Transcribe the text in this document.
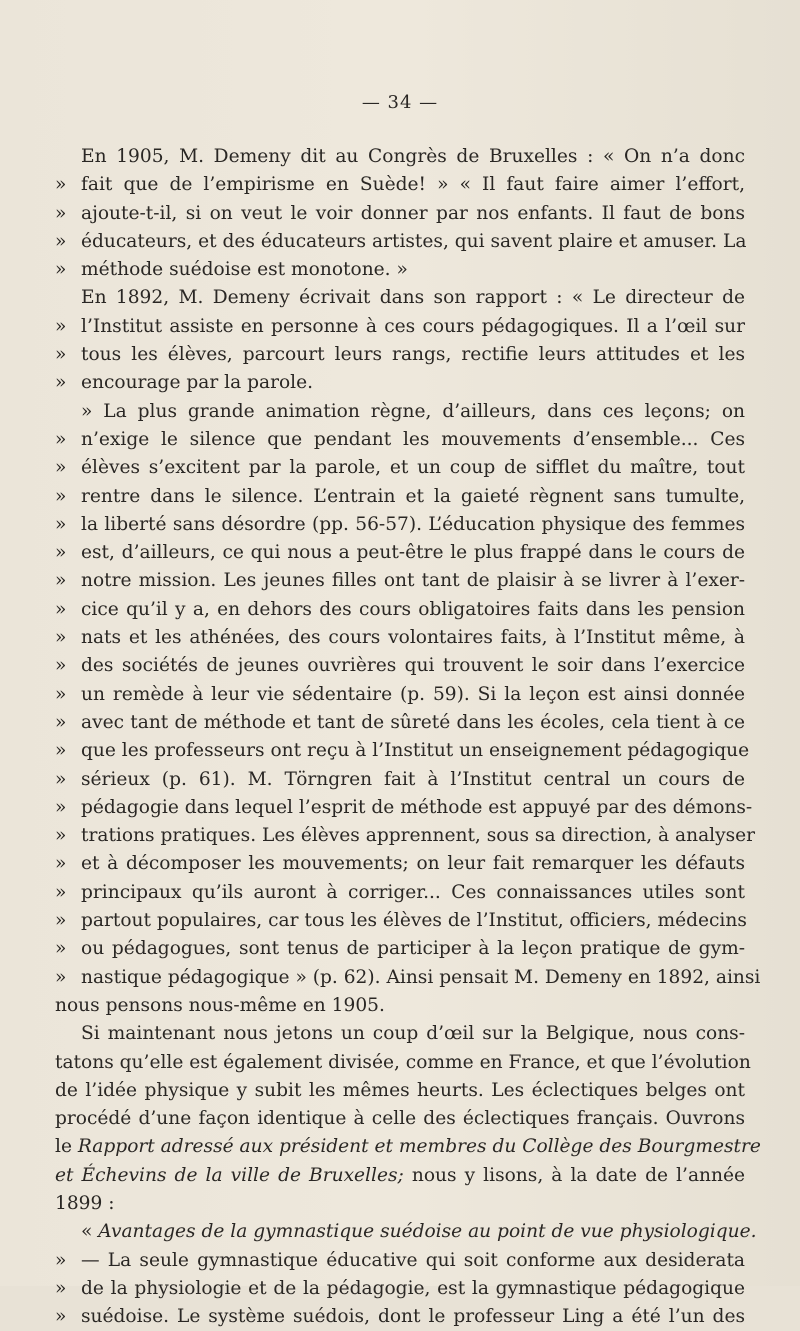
— 34 —
En 1905, M. Demeny dit au Congrès de Bruxelles : « On n’a donc
» fait que de l’empirisme en Suède! » « Il faut faire aimer l’effort,
» ajoute-t-il, si on veut le voir donner par nos enfants. Il faut de bons
» éducateurs, et des éducateurs artistes, qui savent plaire et amuser. La
» méthode suédoise est monotone. »
En 1892, M. Demeny écrivait dans son rapport : « Le directeur de
» l’Institut assiste en personne à ces cours pédagogiques. Il a l’œil sur
» tous les élèves, parcourt leurs rangs, rectifie leurs attitudes et les
» encourage par la parole.
» La plus grande animation règne, d’ailleurs, dans ces leçons; on
» n’exige le silence que pendant les mouvements d’ensemble... Ces
» élèves s’excitent par la parole, et un coup de sifflet du maître, tout
» rentre dans le silence. L’entrain et la gaieté règnent sans tumulte,
» la liberté sans désordre (pp. 56-57). L’éducation physique des femmes
» est, d’ailleurs, ce qui nous a peut-être le plus frappé dans le cours de
» notre mission. Les jeunes filles ont tant de plaisir à se livrer à l’exer-
» cice qu’il y a, en dehors des cours obligatoires faits dans les pension
» nats et les athénées, des cours volontaires faits, à l’Institut même, à
» des sociétés de jeunes ouvrières qui trouvent le soir dans l’exercice
» un remède à leur vie sédentaire (p. 59). Si la leçon est ainsi donnée
» avec tant de méthode et tant de sûreté dans les écoles, cela tient à ce
» que les professeurs ont reçu à l’Institut un enseignement pédagogique
» sérieux (p. 61). M. Törngren fait à l’Institut central un cours de
» pédagogie dans lequel l’esprit de méthode est appuyé par des démons-
» trations pratiques. Les élèves apprennent, sous sa direction, à analyser
» et à décomposer les mouvements; on leur fait remarquer les défauts
» principaux qu’ils auront à corriger... Ces connaissances utiles sont
» partout populaires, car tous les élèves de l’Institut, officiers, médecins
» ou pédagogues, sont tenus de participer à la leçon pratique de gym-
» nastique pédagogique » (p. 62). Ainsi pensait M. Demeny en 1892, ainsi
nous pensons nous-même en 1905.
Si maintenant nous jetons un coup d’œil sur la Belgique, nous cons-
tatons qu’elle est également divisée, comme en France, et que l’évolution
de l’idée physique y subit les mêmes heurts. Les éclectiques belges ont
procédé d’une façon identique à celle des éclectiques français. Ouvrons
le Rapport adressé aux président et membres du Collège des Bourgmestre
et Échevins de la ville de Bruxelles; nous y lisons, à la date de l’année
1899 :
« Avantages de la gymnastique suédoise au point de vue physiologique.
» — La seule gymnastique éducative qui soit conforme aux desiderata
» de la physiologie et de la pédagogie, est la gymnastique pédagogique
» suédoise. Le système suédois, dont le professeur Ling a été l’un des
